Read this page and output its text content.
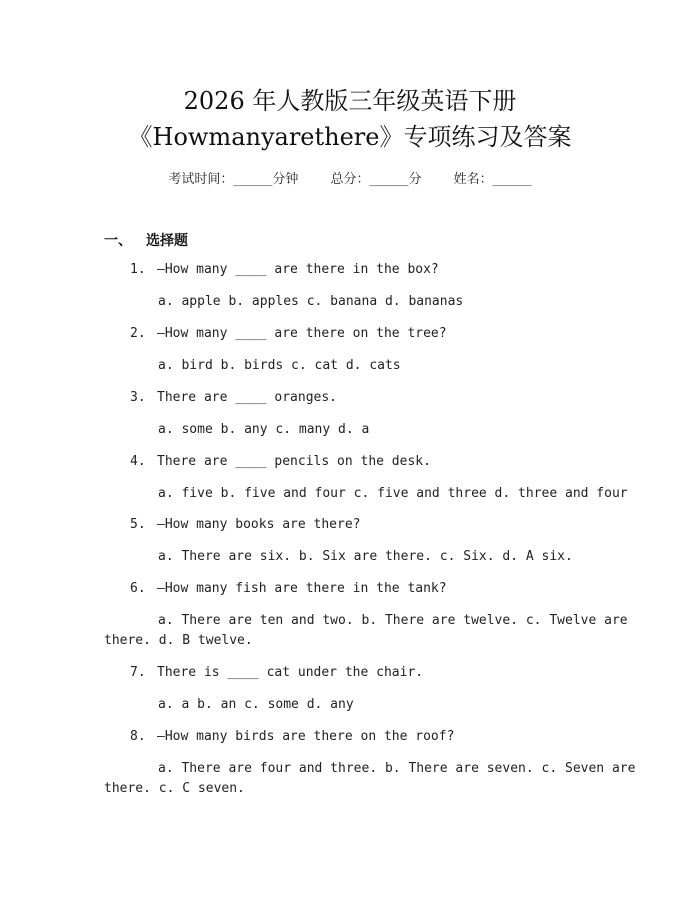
2026 年人教版三年级英语下册
《Howmanyarethere》专项练习及答案
考试时间：______分钟 总分：______分 姓名：______
一、 选择题
1. —How many ____ are there in the box?
a. apple b. apples c. banana d. bananas
2. —How many ____ are there on the tree?
a. bird b. birds c. cat d. cats
3. There are ____ oranges.
a. some b. any c. many d. a
4. There are ____ pencils on the desk.
a. five b. five and four c. five and three d. three and four
5. —How many books are there?
a. There are six. b. Six are there. c. Six. d. A six.
6. —How many fish are there in the tank?
a. There are ten and two. b. There are twelve. c. Twelve are
there. d. B twelve.
7. There is ____ cat under the chair.
a. a b. an c. some d. any
8. —How many birds are there on the roof?
a. There are four and three. b. There are seven. c. Seven are
there. c. C seven.
